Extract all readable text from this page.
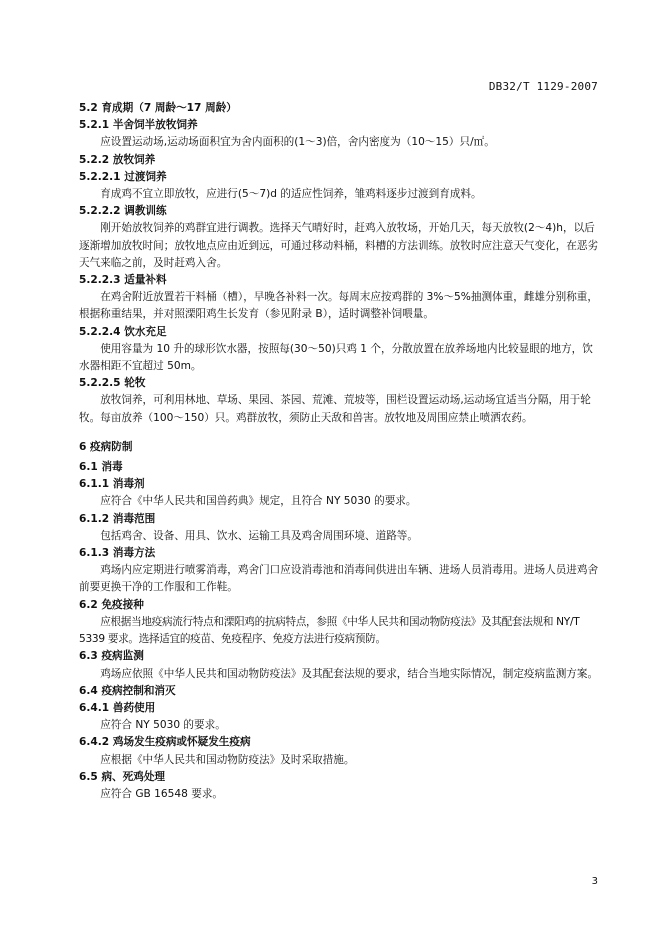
DB32/T 1129-2007
5.2 育成期（7 周龄～17 周龄）
5.2.1 半舍饲半放牧饲养
应设置运动场,运动场面积宜为舍内面积的(1～3)倍，舍内密度为（10～15）只/㎡。
5.2.2 放牧饲养
5.2.2.1 过渡饲养
育成鸡不宜立即放牧，应进行(5～7)d 的适应性饲养，雏鸡料逐步过渡到育成料。
5.2.2.2 调教训练
刚开始放牧饲养的鸡群宜进行调教。选择天气晴好时，赶鸡入放牧场，开始几天，每天放牧(2～4)h，以后逐渐增加放牧时间；放牧地点应由近到远，可通过移动料桶，料槽的方法训练。放牧时应注意天气变化，在恶劣天气来临之前，及时赶鸡入舍。
5.2.2.3 适量补料
在鸡舍附近放置若干料桶（槽），早晚各补料一次。每周末应按鸡群的 3%～5%抽测体重，雌雄分别称重，根据称重结果，并对照溧阳鸡生长发育（参见附录 B），适时调整补饲喂量。
5.2.2.4 饮水充足
使用容量为 10 升的球形饮水器，按照每(30～50)只鸡 1 个，分散放置在放养场地内比较显眼的地方，饮水器相距不宜超过 50m。
5.2.2.5 轮牧
放牧饲养，可利用林地、草场、果园、茶园、荒滩、荒坡等，围栏设置运动场,运动场宜适当分隔，用于轮牧。每亩放养（100～150）只。鸡群放牧，须防止天敌和兽害。放牧地及周围应禁止喷洒农药。
6 疫病防制
6.1 消毒
6.1.1 消毒剂
应符合《中华人民共和国兽药典》规定，且符合 NY 5030 的要求。
6.1.2 消毒范围
包括鸡舍、设备、用具、饮水、运输工具及鸡舍周围环境、道路等。
6.1.3 消毒方法
鸡场内应定期进行喷雾消毒，鸡舍门口应设消毒池和消毒间供进出车辆、进场人员消毒用。进场人员进鸡舍前要更换干净的工作服和工作鞋。
6.2 免疫接种
应根据当地疫病流行特点和溧阳鸡的抗病特点，参照《中华人民共和国动物防疫法》及其配套法规和 NY/T 5339 要求。选择适宜的疫苗、免疫程序、免疫方法进行疫病预防。
6.3 疫病监测
鸡场应依照《中华人民共和国动物防疫法》及其配套法规的要求，结合当地实际情况，制定疫病监测方案。
6.4 疫病控制和消灭
6.4.1 兽药使用
应符合 NY 5030 的要求。
6.4.2 鸡场发生疫病或怀疑发生疫病
应根据《中华人民共和国动物防疫法》及时采取措施。
6.5 病、死鸡处理
应符合 GB 16548 要求。
3
